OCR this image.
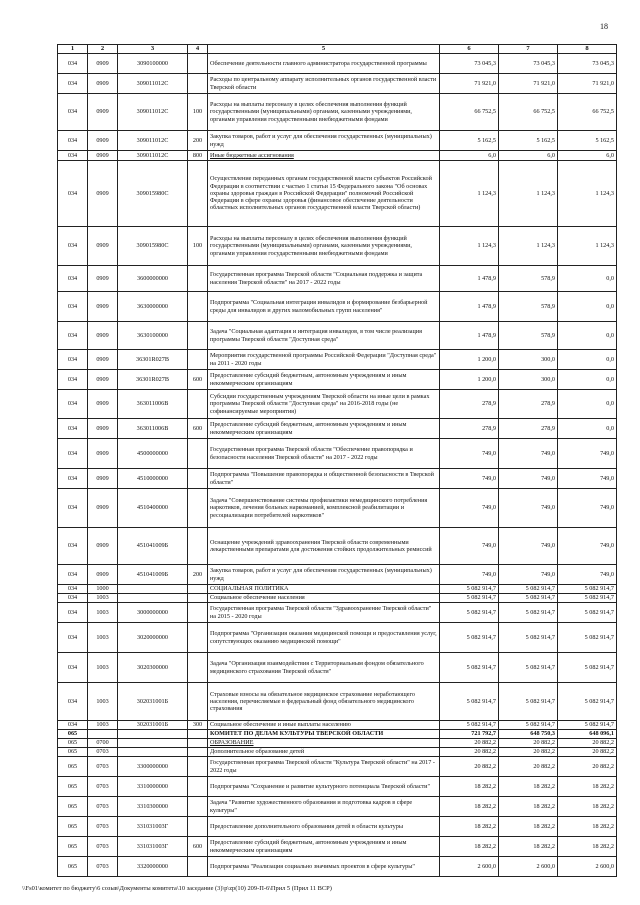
18
1	2	3	4	5	6	7	8
034	0909	3090100000		Обеспечение деятельности главного администратора государственной программы	73 045,3	73 045,3	73 045,3
034	0909	309011012С		Расходы по центральному аппарату исполнительных органов государственной власти Тверской области	71 921,0	71 921,0	71 921,0
034	0909	309011012С	100	Расходы на выплаты персоналу в целях обеспечения выполнения функций государственными (муниципальными) органами, казенными учреждениями, органами управления государственными внебюджетными фондами	66 752,5	66 752,5	66 752,5
034	0909	309011012С	200	Закупка товаров, работ и услуг для обеспечения государственных (муниципальных) нужд	5 162,5	5 162,5	5 162,5
034	0909	309011012С	800	Иные бюджетные ассигнования	6,0	6,0	6,0
034	0909	309015980С		Осуществление переданных органам государственной власти субъектов Российской Федерации в соответствии с частью 1 статьи 15 Федерального закона "Об основах охраны здоровья граждан в Российской Федерации" полномочий Российской Федерации в сфере охраны здоровья (финансовое обеспечение деятельности областных исполнительных органов государственной власти Тверской области)	1 124,3	1 124,3	1 124,3
034	0909	309015980С	100	Расходы на выплаты персоналу в целях обеспечения выполнения функций государственными (муниципальными) органами, казенными учреждениями, органами управления государственными внебюджетными фондами	1 124,3	1 124,3	1 124,3
034	0909	3600000000		Государственная программа Тверской области "Социальная поддержка и защита населения Тверской области" на 2017 - 2022 годы	1 478,9	578,9	0,0
034	0909	3630000000		Подпрограмма "Социальная интеграция инвалидов и формирование безбарьерной среды для инвалидов и других маломобильных групп населения"	1 478,9	578,9	0,0
034	0909	3630100000		Задача "Социальная адаптация и интеграция инвалидов, в том числе реализация программы Тверской области "Доступная среда"	1 478,9	578,9	0,0
034	0909	36301R027В		Мероприятия государственной программы Российской Федерации "Доступная среда" на 2011 - 2020 годы	1 200,0	300,0	0,0
034	0909	36301R027В	600	Предоставление субсидий бюджетным, автономным учреждениям и иным некоммерческим организациям	1 200,0	300,0	0,0
034	0909	363011006В		Субсидии государственным учреждениям Тверской области на иные цели в рамках программы Тверской области "Доступная среда" на 2016-2018 годы (не софинансируемые мероприятия)	278,9	278,9	0,0
034	0909	363011006В	600	Предоставление субсидий бюджетным, автономным учреждениям и иным некоммерческим организациям	278,9	278,9	0,0
034	0909	4500000000		Государственная программа Тверской области "Обеспечение правопорядка и безопасности населения Тверской области" на 2017 - 2022 годы	749,0	749,0	749,0
034	0909	4510000000		Подпрограмма "Повышение правопорядка и общественной безопасности в Тверской области"	749,0	749,0	749,0
034	0909	4510400000		Задача "Совершенствование системы профилактики немедицинского потребления наркотиков, лечения больных наркоманией, комплексной реабилитации и ресоциализации потребителей наркотиков"	749,0	749,0	749,0
034	0909	451041009Б		Оснащение учреждений здравоохранения Тверской области современными лекарственными препаратами для достижения стойких продолжительных ремиссий	749,0	749,0	749,0
034	0909	451041009Б	200	Закупка товаров, работ и услуг для обеспечения государственных (муниципальных) нужд	749,0	749,0	749,0
034	1000			СОЦИАЛЬНАЯ ПОЛИТИКА	5 082 914,7	5 082 914,7	5 082 914,7
034	1003			Социальное обеспечение населения	5 082 914,7	5 082 914,7	5 082 914,7
034	1003	3000000000		Государственная программа Тверской области "Здравоохранение Тверской области" на 2015 - 2020 годы	5 082 914,7	5 082 914,7	5 082 914,7
034	1003	3020000000		Подпрограмма "Организация оказания медицинской помощи и предоставления услуг, сопутствующих оказанию медицинской помощи"	5 082 914,7	5 082 914,7	5 082 914,7
034	1003	3020300000		Задача "Организация взаимодействия с Территориальным фондом обязательного медицинского страхования Тверской области"	5 082 914,7	5 082 914,7	5 082 914,7
034	1003	302031001Б		Страховые взносы на обязательное медицинское страхование неработающего населения, перечисляемые в федеральный фонд обязательного медицинского страхования	5 082 914,7	5 082 914,7	5 082 914,7
034	1003	302031001Б	300	Социальное обеспечение и иные выплаты населению	5 082 914,7	5 082 914,7	5 082 914,7
065				КОМИТЕТ ПО ДЕЛАМ КУЛЬТУРЫ ТВЕРСКОЙ ОБЛАСТИ	721 792,7	648 750,3	648 096,1
065	0700			ОБРАЗОВАНИЕ	20 882,2	20 882,2	20 882,2
065	0703			Дополнительное образование детей	20 882,2	20 882,2	20 882,2
065	0703	3300000000		Государственная программа Тверской области "Культура Тверской области" на 2017 - 2022 годы	20 882,2	20 882,2	20 882,2
065	0703	3310000000		Подпрограмма "Сохранение и развитие культурного потенциала Тверской области"	18 282,2	18 282,2	18 282,2
065	0703	3310300000		Задача "Развитие художественного образования и подготовка кадров в сфере культуры"	18 282,2	18 282,2	18 282,2
065	0703	331031003Г		Предоставление дополнительного образования детей в области культуры	18 282,2	18 282,2	18 282,2
065	0703	331031003Г	600	Предоставление субсидий бюджетным, автономным учреждениям и иным некоммерческим организациям	18 282,2	18 282,2	18 282,2
065	0703	3320000000		Подпрограмма "Реализация социально значимых проектов в сфере культуры"	2 600,0	2 600,0	2 600,0
\\Fs01\комитет по бюджету\6 созыв\Документы комитета\10 заседание (3)\р\zp(10) 209-П-6\Прил 5 (Прил 11 ВСР)
